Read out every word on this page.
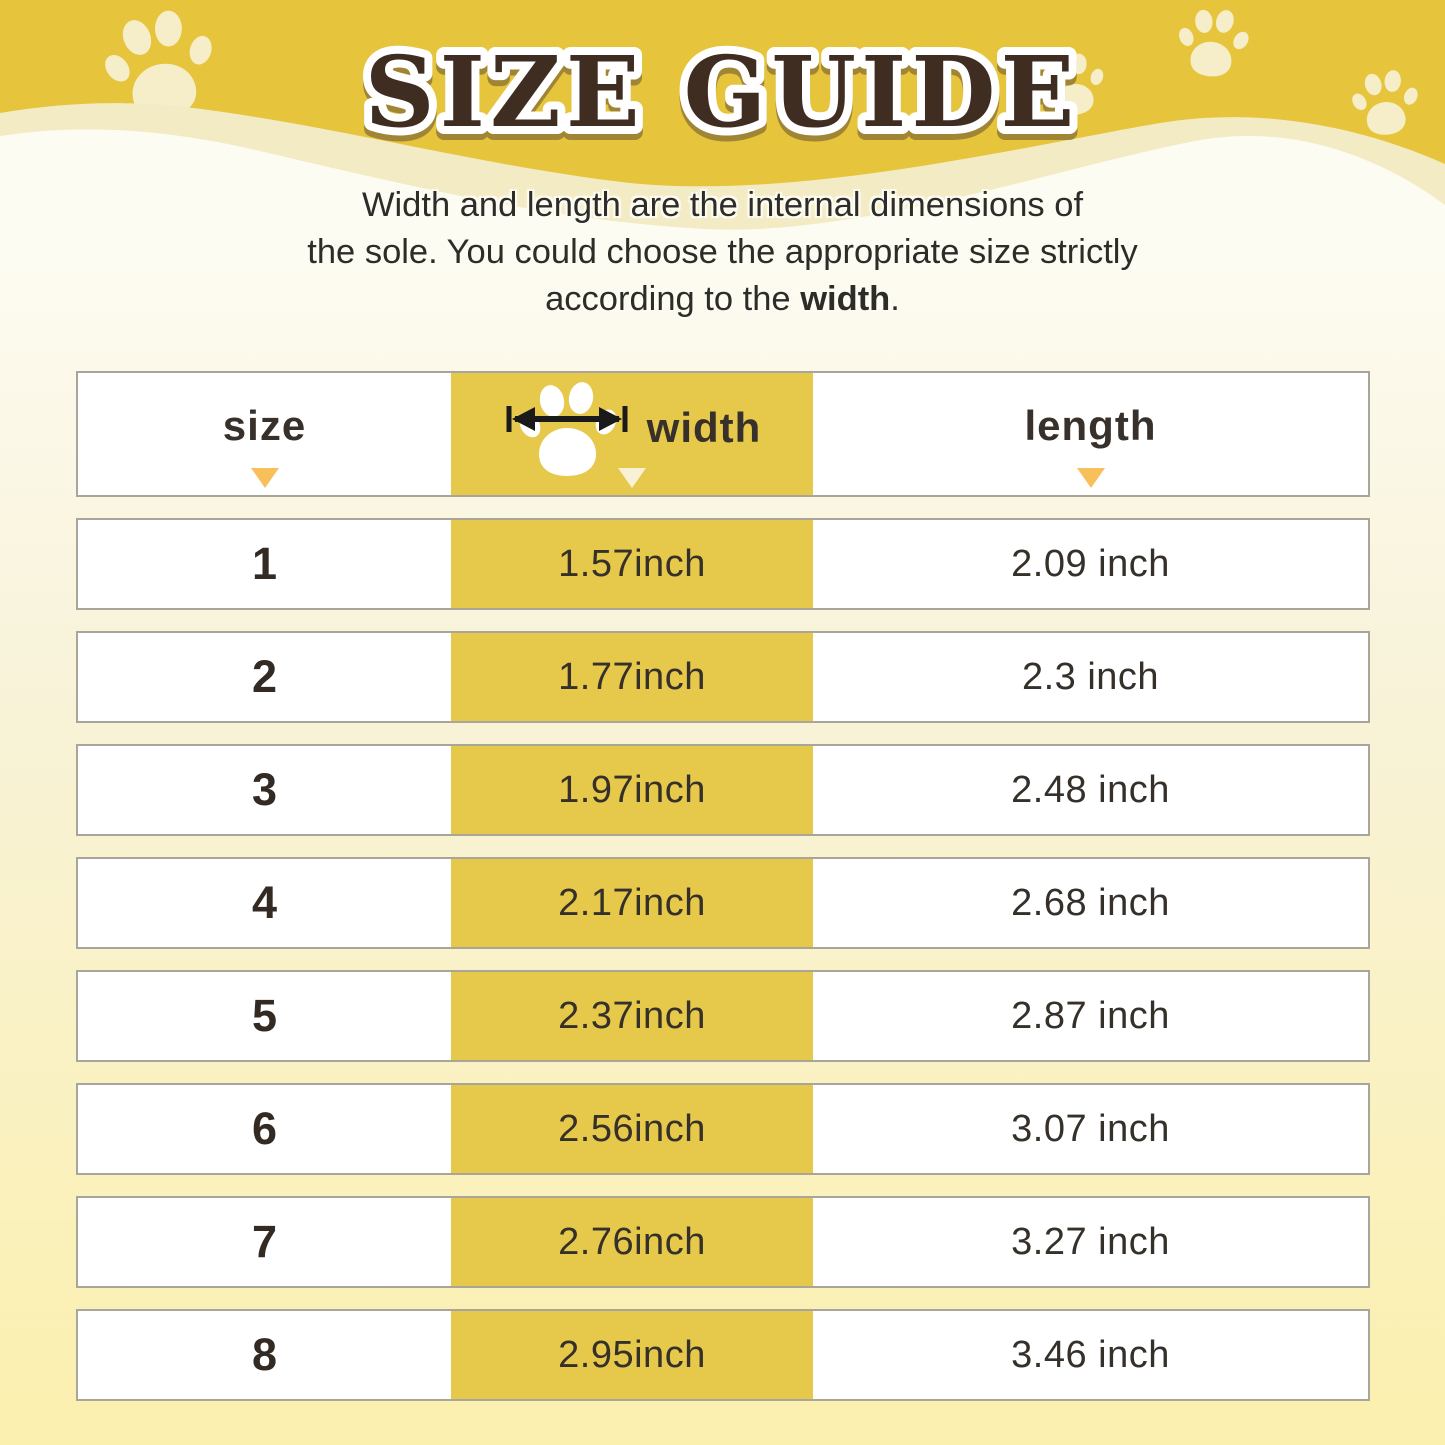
SIZE GUIDE
Width and length are the internal dimensions of
the sole. You could choose the appropriate size strictly
according to the width.
size	width	length
1	1.57inch	2.09 inch
2	1.77inch	2.3 inch
3	1.97inch	2.48 inch
4	2.17inch	2.68 inch
5	2.37inch	2.87 inch
6	2.56inch	3.07 inch
7	2.76inch	3.27 inch
8	2.95inch	3.46 inch
